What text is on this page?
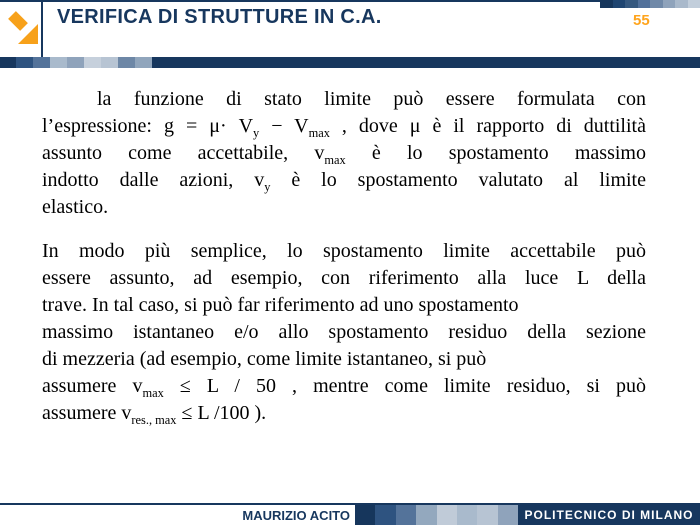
VERIFICA DI STRUTTURE IN C.A.	55
la funzione di stato limite può essere formulata con
l’espressione: $g = \mu\cdot V_y - V_{max}$ , dove μ è il rapporto di duttilità
assunto come accettabile, $v_{max}$ è lo spostamento massimo
indotto dalle azioni, $v_y$ è lo spostamento valutato al limite
elastico.
In modo più semplice, lo spostamento limite accettabile può
essere assunto, ad esempio, con riferimento alla luce L della
trave. In tal caso, si può far riferimento ad uno spostamento
massimo istantaneo e/o allo spostamento residuo della sezione
di mezzeria (ad esempio, come limite istantaneo, si può
assumere $v_{max} \le L / 50$ , mentre come limite residuo, si può
assumere $v_{res., max} \le L$ /100 ).
MAURIZIO ACITO	POLITECNICO DI MILANO
